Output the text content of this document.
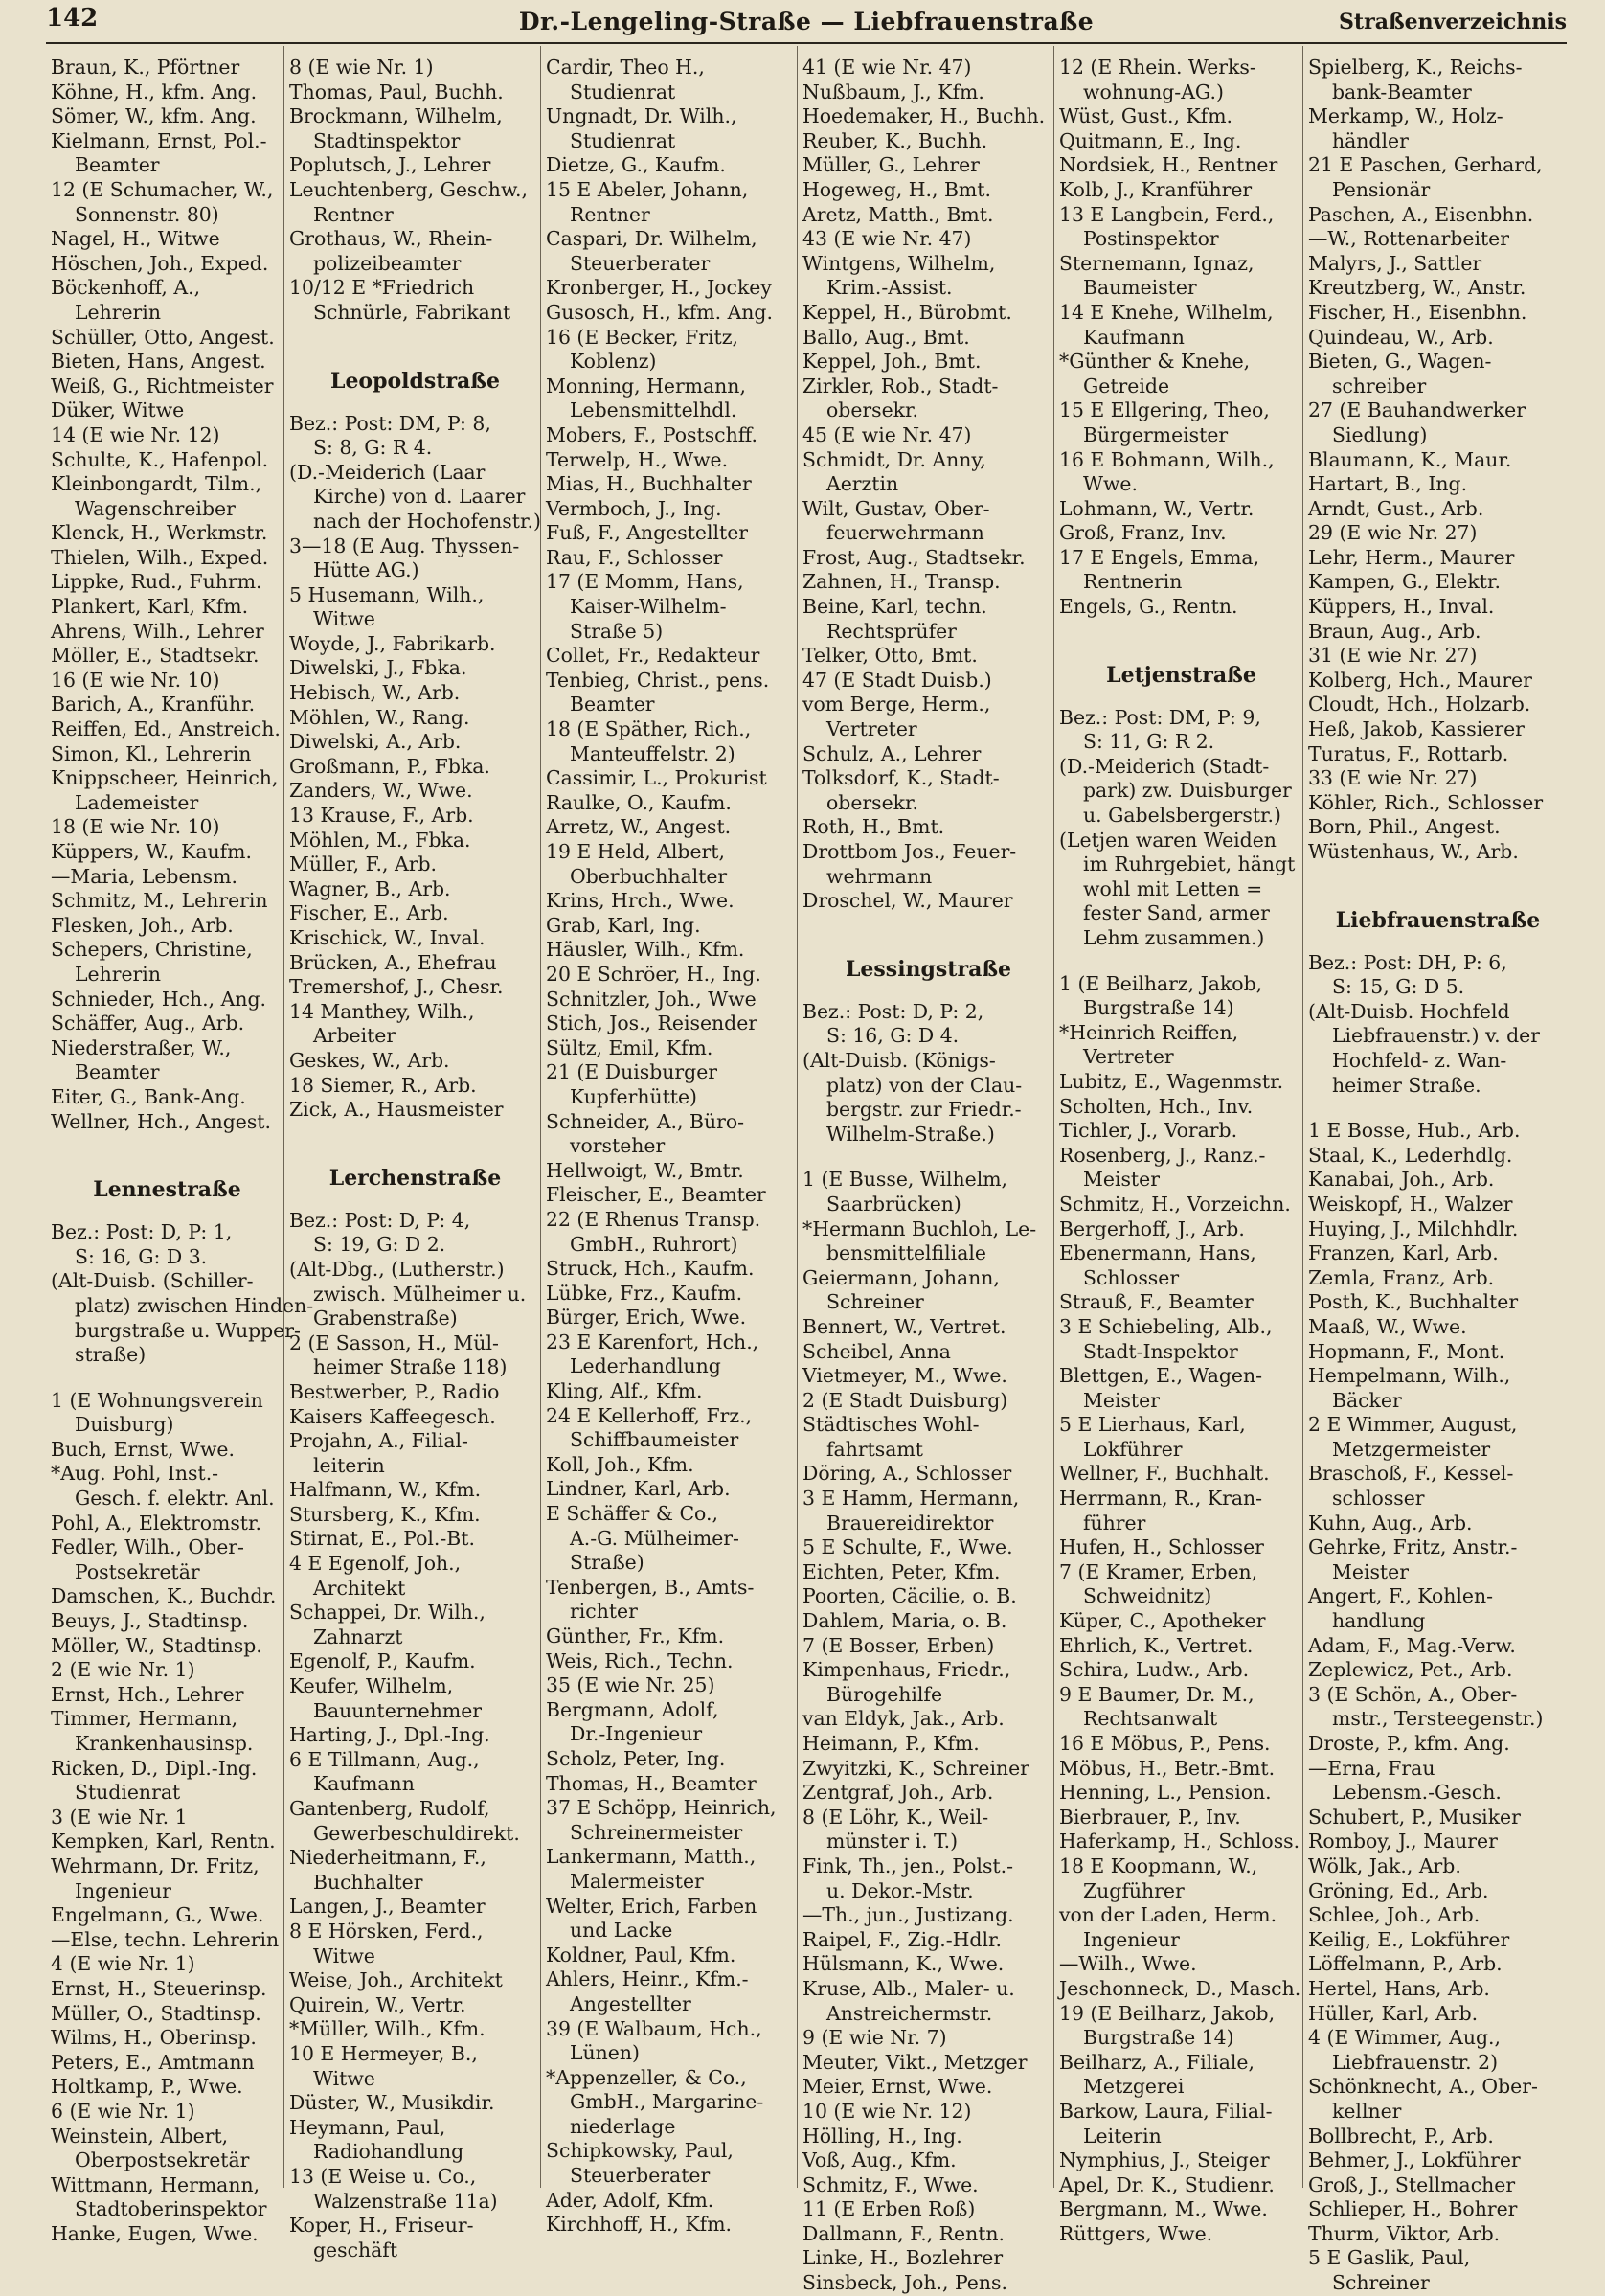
142	Dr.-Lengeling-Straße — Liebfrauenstraße	Straßenverzeichnis
Braun, K., Pförtner
Köhne, H., kfm. Ang.
Sömer, W., kfm. Ang.
Kielmann, Ernst, Pol.-
Beamter
12 (E Schumacher, W.,
Sonnenstr. 80)
Nagel, H., Witwe
Höschen, Joh., Exped.
Böckenhoff, A.,
Lehrerin
Schüller, Otto, Angest.
Bieten, Hans, Angest.
Weiß, G., Richtmeister
Düker, Witwe
14 (E wie Nr. 12)
Schulte, K., Hafenpol.
Kleinbongardt, Tilm.,
Wagenschreiber
Klenck, H., Werkmstr.
Thielen, Wilh., Exped.
Lippke, Rud., Fuhrm.
Plankert, Karl, Kfm.
Ahrens, Wilh., Lehrer
Möller, E., Stadtsekr.
16 (E wie Nr. 10)
Barich, A., Kranführ.
Reiffen, Ed., Anstreich.
Simon, Kl., Lehrerin
Knippscheer, Heinrich,
Lademeister
18 (E wie Nr. 10)
Küppers, W., Kaufm.
—Maria, Lebensm.
Schmitz, M., Lehrerin
Flesken, Joh., Arb.
Schepers, Christine,
Lehrerin
Schnieder, Hch., Ang.
Schäffer, Aug., Arb.
Niederstraßer, W.,
Beamter
Eiter, G., Bank-Ang.
Wellner, Hch., Angest.
Lennestraße
Bez.: Post: D, P: 1,
S: 16, G: D 3.
(Alt-Duisb. (Schiller-
platz) zwischen Hinden-
burgstraße u. Wupper-
straße)
1 (E Wohnungsverein
Duisburg)
Buch, Ernst, Wwe.
*Aug. Pohl, Inst.-
Gesch. f. elektr. Anl.
Pohl, A., Elektromstr.
Fedler, Wilh., Ober-
Postsekretär
Damschen, K., Buchdr.
Beuys, J., Stadtinsp.
Möller, W., Stadtinsp.
2 (E wie Nr. 1)
Ernst, Hch., Lehrer
Timmer, Hermann,
Krankenhausinsp.
Ricken, D., Dipl.-Ing.
Studienrat
3 (E wie Nr. 1
Kempken, Karl, Rentn.
Wehrmann, Dr. Fritz,
Ingenieur
Engelmann, G., Wwe.
—Else, techn. Lehrerin
4 (E wie Nr. 1)
Ernst, H., Steuerinsp.
Müller, O., Stadtinsp.
Wilms, H., Oberinsp.
Peters, E., Amtmann
Holtkamp, P., Wwe.
6 (E wie Nr. 1)
Weinstein, Albert,
Oberpostsekretär
Wittmann, Hermann,
Stadtoberinspektor
Hanke, Eugen, Wwe.
8 (E wie Nr. 1)
Thomas, Paul, Buchh.
Brockmann, Wilhelm,
Stadtinspektor
Poplutsch, J., Lehrer
Leuchtenberg, Geschw.,
Rentner
Grothaus, W., Rhein-
polizeibeamter
10/12 E *Friedrich
Schnürle, Fabrikant
Leopoldstraße
Bez.: Post: DM, P: 8,
S: 8, G: R 4.
(D.-Meiderich (Laar
Kirche) von d. Laarer
nach der Hochofenstr.)
3—18 (E Aug. Thyssen-
Hütte AG.)
5 Husemann, Wilh.,
Witwe
Woyde, J., Fabrikarb.
Diwelski, J., Fbka.
Hebisch, W., Arb.
Möhlen, W., Rang.
Diwelski, A., Arb.
Großmann, P., Fbka.
Zanders, W., Wwe.
13 Krause, F., Arb.
Möhlen, M., Fbka.
Müller, F., Arb.
Wagner, B., Arb.
Fischer, E., Arb.
Krischick, W., Inval.
Brücken, A., Ehefrau
Tremershof, J., Chesr.
14 Manthey, Wilh.,
Arbeiter
Geskes, W., Arb.
18 Siemer, R., Arb.
Zick, A., Hausmeister
Lerchenstraße
Bez.: Post: D, P: 4,
S: 19, G: D 2.
(Alt-Dbg., (Lutherstr.)
zwisch. Mülheimer u.
Grabenstraße)
2 (E Sasson, H., Mül-
heimer Straße 118)
Bestwerber, P., Radio
Kaisers Kaffeegesch.
Projahn, A., Filial-
leiterin
Halfmann, W., Kfm.
Stursberg, K., Kfm.
Stirnat, E., Pol.-Bt.
4 E Egenolf, Joh.,
Architekt
Schappei, Dr. Wilh.,
Zahnarzt
Egenolf, P., Kaufm.
Keufer, Wilhelm,
Bauunternehmer
Harting, J., Dpl.-Ing.
6 E Tillmann, Aug.,
Kaufmann
Gantenberg, Rudolf,
Gewerbeschuldirekt.
Niederheitmann, F.,
Buchhalter
Langen, J., Beamter
8 E Hörsken, Ferd.,
Witwe
Weise, Joh., Architekt
Quirein, W., Vertr.
*Müller, Wilh., Kfm.
10 E Hermeyer, B.,
Witwe
Düster, W., Musikdir.
Heymann, Paul,
Radiohandlung
13 (E Weise u. Co.,
Walzenstraße 11a)
Koper, H., Friseur-
geschäft
Cardir, Theo H.,
Studienrat
Ungnadt, Dr. Wilh.,
Studienrat
Dietze, G., Kaufm.
15 E Abeler, Johann,
Rentner
Caspari, Dr. Wilhelm,
Steuerberater
Kronberger, H., Jockey
Gusosch, H., kfm. Ang.
16 (E Becker, Fritz,
Koblenz)
Monning, Hermann,
Lebensmittelhdl.
Mobers, F., Postschff.
Terwelp, H., Wwe.
Mias, H., Buchhalter
Vermboch, J., Ing.
Fuß, F., Angestellter
Rau, F., Schlosser
17 (E Momm, Hans,
Kaiser-Wilhelm-
Straße 5)
Collet, Fr., Redakteur
Tenbieg, Christ., pens.
Beamter
18 (E Späther, Rich.,
Manteuffelstr. 2)
Cassimir, L., Prokurist
Raulke, O., Kaufm.
Arretz, W., Angest.
19 E Held, Albert,
Oberbuchhalter
Krins, Hrch., Wwe.
Grab, Karl, Ing.
Häusler, Wilh., Kfm.
20 E Schröer, H., Ing.
Schnitzler, Joh., Wwe
Stich, Jos., Reisender
Sültz, Emil, Kfm.
21 (E Duisburger
Kupferhütte)
Schneider, A., Büro-
vorsteher
Hellwoigt, W., Bmtr.
Fleischer, E., Beamter
22 (E Rhenus Transp.
GmbH., Ruhrort)
Struck, Hch., Kaufm.
Lübke, Frz., Kaufm.
Bürger, Erich, Wwe.
23 E Karenfort, Hch.,
Lederhandlung
Kling, Alf., Kfm.
24 E Kellerhoff, Frz.,
Schiffbaumeister
Koll, Joh., Kfm.
Lindner, Karl, Arb.
E Schäffer & Co.,
A.-G. Mülheimer-
Straße)
Tenbergen, B., Amts-
richter
Günther, Fr., Kfm.
Weis, Rich., Techn.
35 (E wie Nr. 25)
Bergmann, Adolf,
Dr.-Ingenieur
Scholz, Peter, Ing.
Thomas, H., Beamter
37 E Schöpp, Heinrich,
Schreinermeister
Lankermann, Matth.,
Malermeister
Welter, Erich, Farben
und Lacke
Koldner, Paul, Kfm.
Ahlers, Heinr., Kfm.-
Angestellter
39 (E Walbaum, Hch.,
Lünen)
*Appenzeller, & Co.,
GmbH., Margarine-
niederlage
Schipkowsky, Paul,
Steuerberater
Ader, Adolf, Kfm.
Kirchhoff, H., Kfm.
41 (E wie Nr. 47)
Nußbaum, J., Kfm.
Hoedemaker, H., Buchh.
Reuber, K., Buchh.
Müller, G., Lehrer
Hogeweg, H., Bmt.
Aretz, Matth., Bmt.
43 (E wie Nr. 47)
Wintgens, Wilhelm,
Krim.-Assist.
Keppel, H., Bürobmt.
Ballo, Aug., Bmt.
Keppel, Joh., Bmt.
Zirkler, Rob., Stadt-
obersekr.
45 (E wie Nr. 47)
Schmidt, Dr. Anny,
Aerztin
Wilt, Gustav, Ober-
feuerwehrmann
Frost, Aug., Stadtsekr.
Zahnen, H., Transp.
Beine, Karl, techn.
Rechtsprüfer
Telker, Otto, Bmt.
47 (E Stadt Duisb.)
vom Berge, Herm.,
Vertreter
Schulz, A., Lehrer
Tolksdorf, K., Stadt-
obersekr.
Roth, H., Bmt.
Drottbom Jos., Feuer-
wehrmann
Droschel, W., Maurer
Lessingstraße
Bez.: Post: D, P: 2,
S: 16, G: D 4.
(Alt-Duisb. (Königs-
platz) von der Clau-
bergstr. zur Friedr.-
Wilhelm-Straße.)
1 (E Busse, Wilhelm,
Saarbrücken)
*Hermann Buchloh, Le-
bensmittelfiliale
Geiermann, Johann,
Schreiner
Bennert, W., Vertret.
Scheibel, Anna
Vietmeyer, M., Wwe.
2 (E Stadt Duisburg)
Städtisches Wohl-
fahrtsamt
Döring, A., Schlosser
3 E Hamm, Hermann,
Brauereidirektor
5 E Schulte, F., Wwe.
Eichten, Peter, Kfm.
Poorten, Cäcilie, o. B.
Dahlem, Maria, o. B.
7 (E Bosser, Erben)
Kimpenhaus, Friedr.,
Bürogehilfe
van Eldyk, Jak., Arb.
Heimann, P., Kfm.
Zwyitzki, K., Schreiner
Zentgraf, Joh., Arb.
8 (E Löhr, K., Weil-
münster i. T.)
Fink, Th., jen., Polst.-
u. Dekor.-Mstr.
—Th., jun., Justizang.
Raipel, F., Zig.-Hdlr.
Hülsmann, K., Wwe.
Kruse, Alb., Maler- u.
Anstreichermstr.
9 (E wie Nr. 7)
Meuter, Vikt., Metzger
Meier, Ernst, Wwe.
10 (E wie Nr. 12)
Hölling, H., Ing.
Voß, Aug., Kfm.
Schmitz, F., Wwe.
11 (E Erben Roß)
Dallmann, F., Rentn.
Linke, H., Bozlehrer
Sinsbeck, Joh., Pens.
12 (E Rhein. Werks-
wohnung-AG.)
Wüst, Gust., Kfm.
Quitmann, E., Ing.
Nordsiek, H., Rentner
Kolb, J., Kranführer
13 E Langbein, Ferd.,
Postinspektor
Sternemann, Ignaz,
Baumeister
14 E Knehe, Wilhelm,
Kaufmann
*Günther & Knehe,
Getreide
15 E Ellgering, Theo,
Bürgermeister
16 E Bohmann, Wilh.,
Wwe.
Lohmann, W., Vertr.
Groß, Franz, Inv.
17 E Engels, Emma,
Rentnerin
Engels, G., Rentn.
Letjenstraße
Bez.: Post: DM, P: 9,
S: 11, G: R 2.
(D.-Meiderich (Stadt-
park) zw. Duisburger
u. Gabelsbergerstr.)
(Letjen waren Weiden
im Ruhrgebiet, hängt
wohl mit Letten =
fester Sand, armer
Lehm zusammen.)
1 (E Beilharz, Jakob,
Burgstraße 14)
*Heinrich Reiffen,
Vertreter
Lubitz, E., Wagenmstr.
Scholten, Hch., Inv.
Tichler, J., Vorarb.
Rosenberg, J., Ranz.-
Meister
Schmitz, H., Vorzeichn.
Bergerhoff, J., Arb.
Ebenermann, Hans,
Schlosser
Strauß, F., Beamter
3 E Schiebeling, Alb.,
Stadt-Inspektor
Blettgen, E., Wagen-
Meister
5 E Lierhaus, Karl,
Lokführer
Wellner, F., Buchhalt.
Herrmann, R., Kran-
führer
Hufen, H., Schlosser
7 (E Kramer, Erben,
Schweidnitz)
Küper, C., Apotheker
Ehrlich, K., Vertret.
Schira, Ludw., Arb.
9 E Baumer, Dr. M.,
Rechtsanwalt
16 E Möbus, P., Pens.
Möbus, H., Betr.-Bmt.
Henning, L., Pension.
Bierbrauer, P., Inv.
Haferkamp, H., Schloss.
18 E Koopmann, W.,
Zugführer
von der Laden, Herm.
Ingenieur
—Wilh., Wwe.
Jeschonneck, D., Masch.
19 (E Beilharz, Jakob,
Burgstraße 14)
Beilharz, A., Filiale,
Metzgerei
Barkow, Laura, Filial-
Leiterin
Nymphius, J., Steiger
Apel, Dr. K., Studienr.
Bergmann, M., Wwe.
Rüttgers, Wwe.
Spielberg, K., Reichs-
bank-Beamter
Merkamp, W., Holz-
händler
21 E Paschen, Gerhard,
Pensionär
Paschen, A., Eisenbhn.
—W., Rottenarbeiter
Malyrs, J., Sattler
Kreutzberg, W., Anstr.
Fischer, H., Eisenbhn.
Quindeau, W., Arb.
Bieten, G., Wagen-
schreiber
27 (E Bauhandwerker
Siedlung)
Blaumann, K., Maur.
Hartart, B., Ing.
Arndt, Gust., Arb.
29 (E wie Nr. 27)
Lehr, Herm., Maurer
Kampen, G., Elektr.
Küppers, H., Inval.
Braun, Aug., Arb.
31 (E wie Nr. 27)
Kolberg, Hch., Maurer
Cloudt, Hch., Holzarb.
Heß, Jakob, Kassierer
Turatus, F., Rottarb.
33 (E wie Nr. 27)
Köhler, Rich., Schlosser
Born, Phil., Angest.
Wüstenhaus, W., Arb.
Liebfrauenstraße
Bez.: Post: DH, P: 6,
S: 15, G: D 5.
(Alt-Duisb. Hochfeld
Liebfrauenstr.) v. der
Hochfeld- z. Wan-
heimer Straße.
1 E Bosse, Hub., Arb.
Staal, K., Lederhdlg.
Kanabai, Joh., Arb.
Weiskopf, H., Walzer
Huying, J., Milchhdlr.
Franzen, Karl, Arb.
Zemla, Franz, Arb.
Posth, K., Buchhalter
Maaß, W., Wwe.
Hopmann, F., Mont.
Hempelmann, Wilh.,
Bäcker
2 E Wimmer, August,
Metzgermeister
Braschoß, F., Kessel-
schlosser
Kuhn, Aug., Arb.
Gehrke, Fritz, Anstr.-
Meister
Angert, F., Kohlen-
handlung
Adam, F., Mag.-Verw.
Zeplewicz, Pet., Arb.
3 (E Schön, A., Ober-
mstr., Tersteegenstr.)
Droste, P., kfm. Ang.
—Erna, Frau
Lebensm.-Gesch.
Schubert, P., Musiker
Romboy, J., Maurer
Wölk, Jak., Arb.
Gröning, Ed., Arb.
Schlee, Joh., Arb.
Keilig, E., Lokführer
Löffelmann, P., Arb.
Hertel, Hans, Arb.
Hüller, Karl, Arb.
4 (E Wimmer, Aug.,
Liebfrauenstr. 2)
Schönknecht, A., Ober-
kellner
Bollbrecht, P., Arb.
Behmer, J., Lokführer
Groß, J., Stellmacher
Schlieper, H., Bohrer
Thurm, Viktor, Arb.
5 E Gaslik, Paul,
Schreiner
